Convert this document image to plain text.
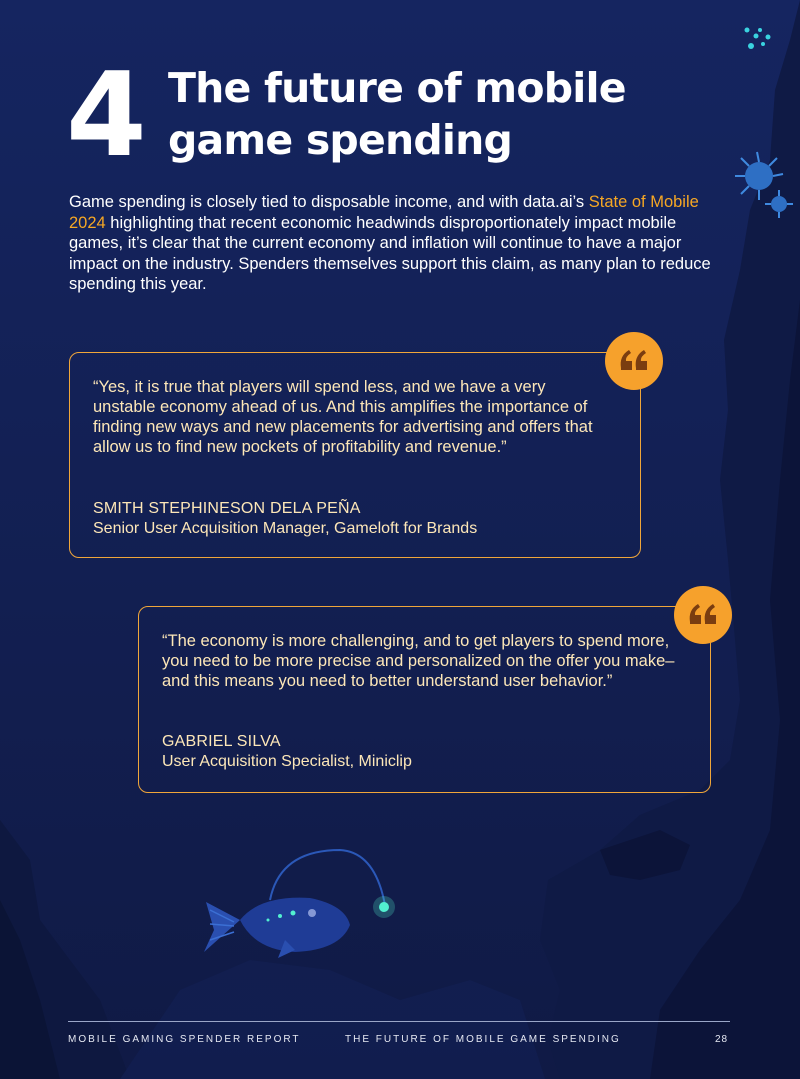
4 The future of mobile game spending
Game spending is closely tied to disposable income, and with data.ai’s State of Mobile 2024 highlighting that recent economic headwinds disproportionately impact mobile games, it’s clear that the current economy and inflation will continue to have a major impact on the industry. Spenders themselves support this claim, as many plan to reduce spending this year.
“Yes, it is true that players will spend less, and we have a very unstable economy ahead of us. And this amplifies the importance of finding new ways and new placements for advertising and offers that allow us to find new pockets of profitability and revenue.”
SMITH STEPHINESON DELA PEÑA
Senior User Acquisition Manager, Gameloft for Brands
“The economy is more challenging, and to get players to spend more, you need to be more precise and personalized on the offer you make–and this means you need to better understand user behavior.”
GABRIEL SILVA
User Acquisition Specialist, Miniclip
MOBILE GAMING SPENDER REPORT	THE FUTURE OF MOBILE GAME SPENDING	28
